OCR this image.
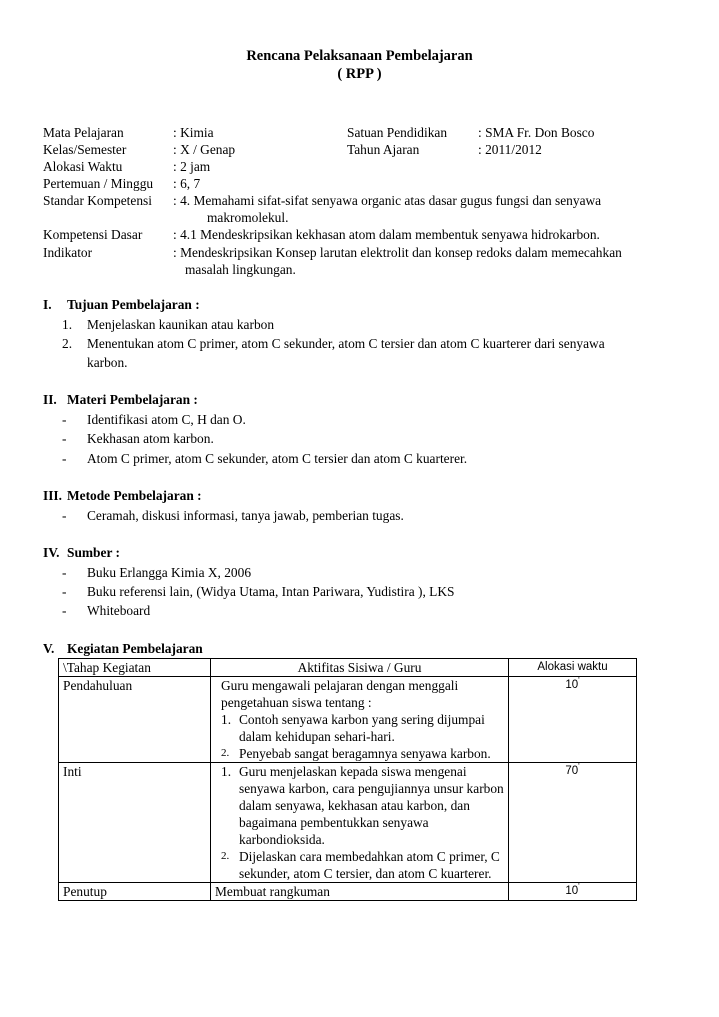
Rencana Pelaksanaan Pembelajaran
( RPP )
Mata Pelajaran	: Kimia
Kelas/Semester	: X / Genap
Alokasi Waktu	: 2 jam
Pertemuan / Minggu : 6, 7
Standar Kompetensi : 4. Memahami sifat-sifat senyawa organic atas dasar gugus fungsi dan senyawa
makromolekul.
Kompetensi Dasar : 4.1 Mendeskripsikan kekhasan atom dalam membentuk senyawa hidrokarbon.
Indikator	: Mendeskripsikan Konsep larutan elektrolit dan konsep redoks dalam memecahkan
masalah lingkungan.
Satuan Pendidikan : SMA Fr. Don Bosco
Tahun Ajaran	: 2011/2012
I. Tujuan Pembelajaran :
1. Menjelaskan kaunikan atau karbon
2. Menentukan atom C primer, atom C sekunder, atom C tersier dan atom C kuarterer dari senyawa
karbon.
II. Materi Pembelajaran :
- Identifikasi atom C, H dan O.
- Kekhasan atom karbon.
- Atom C primer, atom C sekunder, atom C tersier dan atom C kuarterer.
III. Metode Pembelajaran :
- Ceramah, diskusi informasi, tanya jawab, pemberian tugas.
IV. Sumber :
- Buku Erlangga Kimia X, 2006
- Buku referensi lain, (Widya Utama, Intan Pariwara, Yudistira ), LKS
- Whiteboard
V. Kegiatan Pembelajaran
\Tahap Kegiatan	Aktifitas Sisiwa / Guru	Alokasi waktu
Pendahuluan	Guru mengawali pelajaran dengan menggali pengetahuan siswa tentang :
1. Contoh senyawa karbon yang sering dijumpai dalam kehidupan sehari-hari.
2. Penyebab sangat beragamnya senyawa karbon.	10'
Inti	1. Guru menjelaskan kepada siswa mengenai senyawa karbon, cara pengujiannya unsur karbon dalam senyawa, kekhasan atau karbon, dan bagaimana pembentukkan senyawa karbondioksida.
2. Dijelaskan cara membedahkan atom C primer, C sekunder, atom C tersier, dan atom C kuarterer.	70'
Penutup	Membuat rangkuman	10'
